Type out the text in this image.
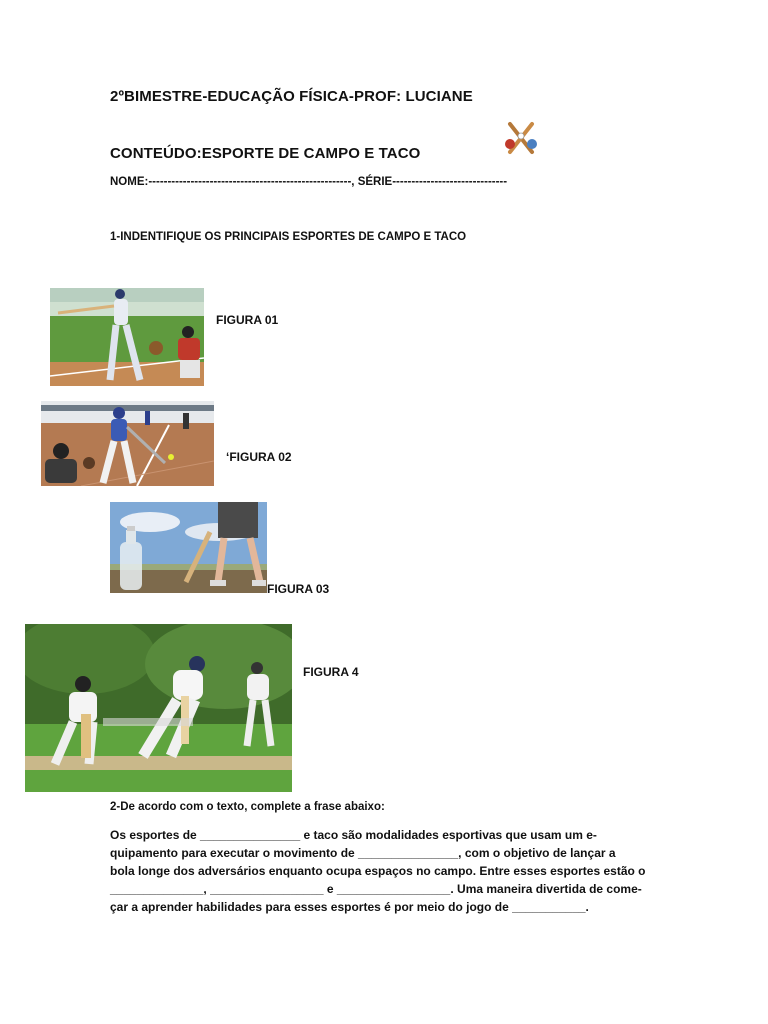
2ºBIMESTRE-EDUCAÇÃO FÍSICA-PROF: LUCIANE
CONTEÚDO:ESPORTE DE CAMPO E TACO
NOME:-----------------------------------------------------, SÉRIE------------------------------
1-INDENTIFIQUE OS PRINCIPAIS ESPORTES DE CAMPO E TACO
FIGURA 01
‘FIGURA 02
FIGURA 03
FIGURA 4
2-De acordo com o texto, complete a frase abaixo:
Os esportes de _______________ e taco são modalidades esportivas que usam um e-
quipamento para executar o movimento de _______________, com o objetivo de lançar a
bola longe dos adversários enquanto ocupa espaços no campo. Entre esses esportes estão o
______________, _________________ e _________________. Uma maneira divertida de come-
çar a aprender habilidades para esses esportes é por meio do jogo de ___________.
